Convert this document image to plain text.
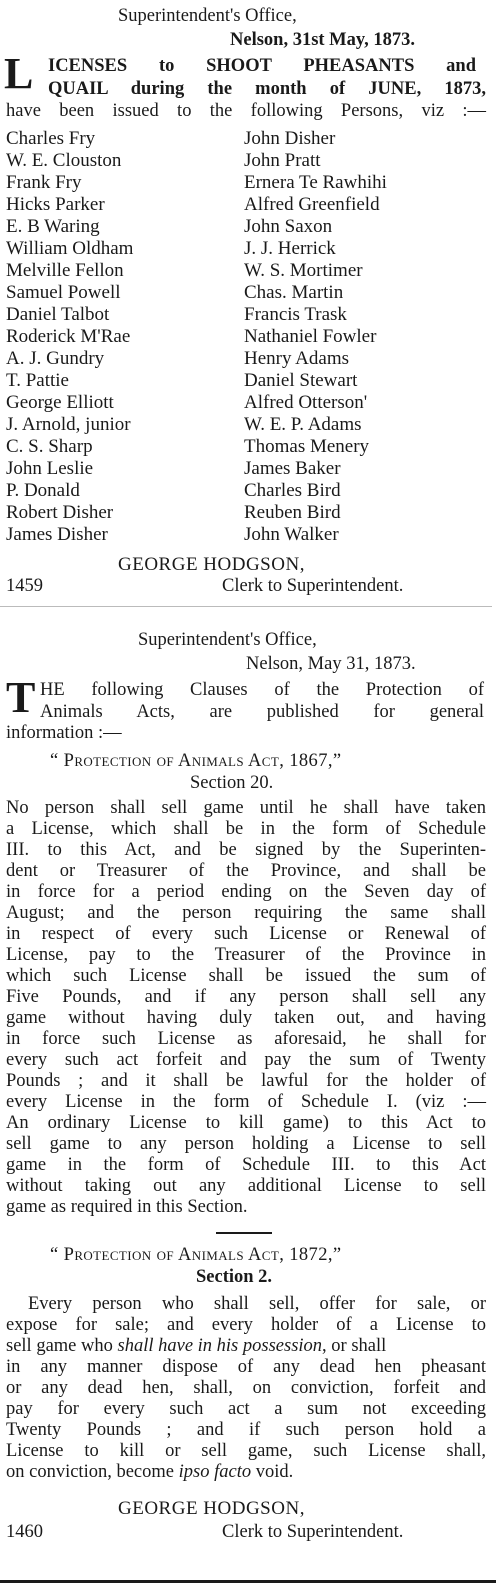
Superintendent's Office,

Nelson, 31st May, 1873.

L ICENSES to SHOOT PHEASANTS and

QUAIL during the month of JUNE, 1873,

have been issued to the following Persons, viz :—

Charles Fry
W. E. Clouston
Frank Fry
Hicks Parker
E. B Waring
William Oldham
Melville Fellon
Samuel Powell
Daniel Talbot
Roderick M'Rae
A. J. Gundry
T. Pattie
George Elliott
J. Arnold, junior
C. S. Sharp
John Leslie
P. Donald
Robert Disher
James Disher
John Disher
John Pratt
Ernera Te Rawhihi
Alfred Greenfield
John Saxon
J. J. Herrick
W. S. Mortimer
Chas. Martin
Francis Trask
Nathaniel Fowler
Henry Adams
Daniel Stewart
Alfred Otterson'
W. E. P. Adams
Thomas Menery
James Baker
Charles Bird
Reuben Bird
John Walker

GEORGE HODGSON,

1459	Clerk to Superintendent.

Superintendent's Office,

Nelson, May 31, 1873.

T HE following Clauses of the Protection of

Animals Acts, are published for general

information :—

“ Protection of Animals Act, 1867,”

Section 20.

No person shall sell game until he shall have taken

a License, which shall be in the form of Schedule

III. to this Act, and be signed by the Superinten-

dent or Treasurer of the Province, and shall be

in force for a period ending on the Seven day of

August; and the person requiring the same shall

in respect of every such License or Renewal of

License, pay to the Treasurer of the Province in

which such License shall be issued the sum of

Five Pounds, and if any person shall sell any

game without having duly taken out, and having

in force such License as aforesaid, he shall for

every such act forfeit and pay the sum of Twenty

Pounds ; and it shall be lawful for the holder of

every License in the form of Schedule I. (viz :—

An ordinary License to kill game) to this Act to

sell game to any person holding a License to sell

game in the form of Schedule III. to this Act

without taking out any additional License to sell

game as required in this Section.

“ Protection of Animals Act, 1872,”

Section 2.

Every person who shall sell, offer for sale, or

expose for sale; and every holder of a License to

sell game who shall have in his possession, or shall

in any manner dispose of any dead hen pheasant

or any dead hen, shall, on conviction, forfeit and

pay for every such act a sum not exceeding

Twenty Pounds ; and if such person hold a

License to kill or sell game, such License shall,

on conviction, become ipso facto void.

GEORGE HODGSON,

1460	Clerk to Superintendent.
